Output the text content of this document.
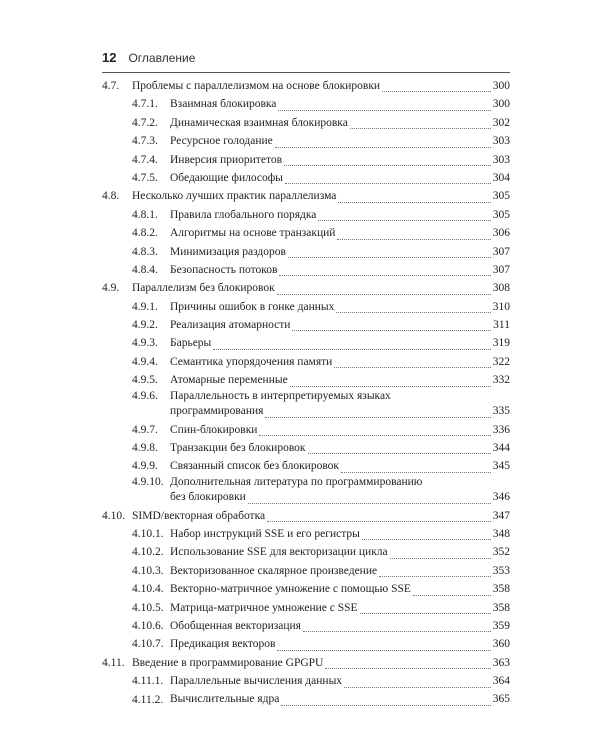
12 Оглавление
4.7. Проблемы с параллелизмом на основе блокировки	300
4.7.1. Взаимная блокировка	300
4.7.2. Динамическая взаимная блокировка	302
4.7.3. Ресурсное голодание	303
4.7.4. Инверсия приоритетов	303
4.7.5. Обедающие философы	304
4.8. Несколько лучших практик параллелизма	305
4.8.1. Правила глобального порядка	305
4.8.2. Алгоритмы на основе транзакций	306
4.8.3. Минимизация раздоров	307
4.8.4. Безопасность потоков	307
4.9. Параллелизм без блокировок	308
4.9.1. Причины ошибок в гонке данных	310
4.9.2. Реализация атомарности	311
4.9.3. Барьеры	319
4.9.4. Семантика упорядочения памяти	322
4.9.5. Атомарные переменные	332
4.9.6. Параллельность в интерпретируемых языках
программирования	335
4.9.7. Спин-блокировки	336
4.9.8. Транзакции без блокировок	344
4.9.9. Связанный список без блокировок	345
4.9.10. Дополнительная литература по программированию
без блокировки	346
4.10. SIMD/векторная обработка	347
4.10.1. Набор инструкций SSE и его регистры	348
4.10.2. Использование SSE для векторизации цикла	352
4.10.3. Векторизованное скалярное произведение	353
4.10.4. Векторно-матричное умножение с помощью SSE	358
4.10.5. Матрица-матричное умножение с SSE	358
4.10.6. Обобщенная векторизация	359
4.10.7. Предикация векторов	360
4.11. Введение в программирование GPGPU	363
4.11.1. Параллельные вычисления данных	364
4.11.2. Вычислительные ядра	365
